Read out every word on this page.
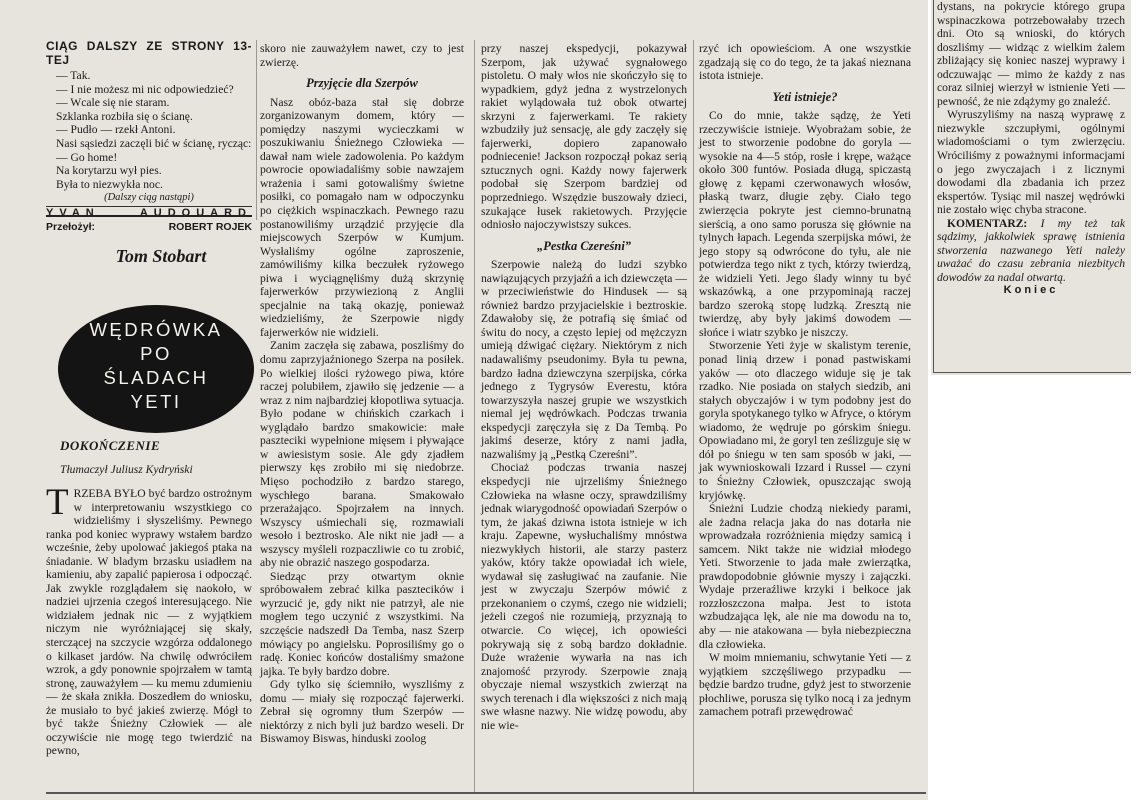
CIĄG DALSZY ZE STRONY 13-TEJ

— Tak.

— I nie możesz mi nic odpowiedzieć?

— Wcale się nie staram.

Szklanka rozbiła się o ścianę.

— Pudło — rzekł Antoni.

Nasi sąsiedzi zaczęli bić w ścianę, rycząc:

— Go home!

Na korytarzu wył pies.

Była to niezwykła noc.

(Dalszy ciąg nastąpi)
YVAN	AUDOUARD
Przełożył:	ROBERT ROJEK
Tom Stobart
WĘDRÓWKA
PO
ŚLADACH
YETI
DOKOŃCZENIE
Tłumaczył Juliusz Kydryński
T RZEBA BYŁO być bardzo ostrożnym w interpretowaniu wszystkiego co widzieliśmy i słyszeliśmy. Pewnego ranka pod koniec wyprawy wstałem bardzo wcześnie, żeby upolować jakiegoś ptaka na śniadanie. W bladym brzasku usiadłem na kamieniu, aby zapalić papierosa i odpocząć. Jak zwykle rozglądałem się naokoło, w nadziei ujrzenia czegoś interesującego. Nie widziałem jednak nic — z wyjątkiem niczym nie wyróżniającej się skały, sterczącej na szczycie wzgórza oddalonego o kilkaset jardów. Na chwilę odwróciłem wzrok, a gdy ponownie spojrzałem w tamtą stronę, zauważyłem — ku memu zdumieniu — że skała znikła. Doszedłem do wniosku, że musiało to być jakieś zwierzę. Mógł to być także Śnieżny Człowiek — ale oczywiście nie mogę tego twierdzić na pewno,

skoro nie zauważyłem nawet, czy to jest zwierzę.

Przyjęcie dla Szerpów

Nasz obóz-baza stał się dobrze zorganizowanym domem, który — pomiędzy naszymi wycieczkami w poszukiwaniu Śnieżnego Człowieka — dawał nam wiele zadowolenia. Po każdym powrocie opowiadaliśmy sobie nawzajem wrażenia i sami gotowaliśmy świetne posiłki, co pomagało nam w odpoczynku po ciężkich wspinaczkach. Pewnego razu postanowiliśmy urządzić przyjęcie dla miejscowych Szerpów w Kumjum. Wysłaliśmy ogólne zaproszenie, zamówiliśmy kilka beczułek ryżowego piwa i wyciągnęliśmy dużą skrzynię fajerwerków przywiezioną z Anglii specjalnie na taką okazję, ponieważ wiedzieliśmy, że Szerpowie nigdy fajerwerków nie widzieli.

Zanim zaczęła się zabawa, poszliśmy do domu zaprzyjaźnionego Szerpa na posiłek. Po wielkiej ilości ryżowego piwa, które raczej polubiłem, zjawiło się jedzenie — a wraz z nim najbardziej kłopotliwa sytuacja. Było podane w chińskich czarkach i wyglądało bardzo smakowicie: małe paszteciki wypełnione mięsem i pływające w awiesistym sosie. Ale gdy zjadłem pierwszy kęs zrobiło mi się niedobrze. Mięso pochodziło z bardzo starego, wyschłego barana. Smakowało przerażająco. Spojrzałem na innych. Wszyscy uśmiechali się, rozmawiali wesoło i beztrosko. Ale nikt nie jadł — a wszyscy myśleli rozpaczliwie co tu zrobić, aby nie obrazić naszego gospodarza.

Siedząc przy otwartym oknie spróbowałem zebrać kilka pasztecików i wyrzucić je, gdy nikt nie patrzył, ale nie mogłem tego uczynić z wszystkimi. Na szczęście nadszedł Da Temba, nasz Szerp mówiący po angielsku. Poprosiliśmy go o radę. Koniec końców dostaliśmy smażone jajka. Te były bardzo dobre.

Gdy tylko się ściemniło, wyszliśmy z domu — miały się rozpocząć fajerwerki. Zebrał się ogromny tłum Szerpów — niektórzy z nich byli już bardzo weseli. Dr Biswamoy Biswas, hinduski zoolog

przy naszej ekspedycji, pokazywał Szerpom, jak używać sygnałowego pistoletu. O mały włos nie skończyło się to wypadkiem, gdyż jedna z wystrzelonych rakiet wylądowała tuż obok otwartej skrzyni z fajerwerkami. Te rakiety wzbudziły już sensację, ale gdy zaczęły się fajerwerki, dopiero zapanowało podniecenie! Jackson rozpoczął pokaz serią sztucznych ogni. Każdy nowy fajerwerk podobał się Szerpom bardziej od poprzedniego. Wszędzie buszowały dzieci, szukające łusek rakietowych. Przyjęcie odniosło najoczywistszy sukces.

„Pestka Czereśni”

Szerpowie należą do ludzi szybko nawiązujących przyjaźń a ich dziewczęta — w przeciwieństwie do Hindusek — są również bardzo przyjacielskie i beztroskie. Zdawałoby się, że potrafią się śmiać od świtu do nocy, a często lepiej od mężczyzn umieją dźwigać ciężary. Niektórym z nich nadawaliśmy pseudonimy. Była tu pewna, bardzo ładna dziewczyna szerpijska, córka jednego z Tygrysów Everestu, która towarzyszyła naszej grupie we wszystkich niemal jej wędrówkach. Podczas trwania ekspedycji zaręczyła się z Da Tembą. Po jakimś deserze, który z nami jadła, nazwaliśmy ją „Pestką Czereśni”.

Chociaż podczas trwania naszej ekspedycji nie ujrzeliśmy Śnieżnego Człowieka na własne oczy, sprawdziliśmy jednak wiarygodność opowiadań Szerpów o tym, że jakaś dziwna istota istnieje w ich kraju. Zapewne, wysłuchaliśmy mnóstwa niezwykłych historii, ale starzy pasterz yaków, który także opowiadał ich wiele, wydawał się zasługiwać na zaufanie. Nie jest w zwyczaju Szerpów mówić z przekonaniem o czymś, czego nie widzieli; jeżeli czegoś nie rozumieją, przyznają to otwarcie. Co więcej, ich opowieści pokrywają się z sobą bardzo dokładnie. Duże wrażenie wywarła na nas ich znajomość przyrody. Szerpowie znają obyczaje niemal wszystkich zwierząt na swych terenach i dla większości z nich mają swe własne nazwy. Nie widzę powodu, aby nie wie-

rzyć ich opowieściom. A one wszystkie zgadzają się co do tego, że ta jakaś nieznana istota istnieje.

Yeti istnieje?

Co do mnie, także sądzę, że Yeti rzeczywiście istnieje. Wyobrażam sobie, że jest to stworzenie podobne do goryla — wysokie na 4—5 stóp, rosłe i krępe, ważące około 300 funtów. Posiada długą, spiczastą głowę z kępami czerwonawych włosów, płaską twarz, długie zęby. Ciało tego zwierzęcia pokryte jest ciemno-brunatną sierścią, a ono samo porusza się głównie na tylnych łapach. Legenda szerpijska mówi, że jego stopy są odwrócone do tyłu, ale nie potwierdza tego nikt z tych, którzy twierdzą, że widzieli Yeti. Jego ślady winny tu być wskazówką, a one przypominają raczej bardzo szeroką stopę ludzką. Zresztą nie twierdzę, aby były jakimś dowodem — słońce i wiatr szybko je niszczy.

Stworzenie Yeti żyje w skalistym terenie, ponad linią drzew i ponad pastwiskami yaków — oto dlaczego widuje się je tak rzadko. Nie posiada on stałych siedzib, ani stałych obyczajów i w tym podobny jest do goryla spotykanego tylko w Afryce, o którym wiadomo, że wędruje po górskim śniegu. Opowiadano mi, że goryl ten ześlizguje się w dół po śniegu w ten sam sposób w jaki, — jak wywnioskowali Izzard i Russel — czyni to Śnieżny Człowiek, opuszczając swoją kryjówkę.

Śnieżni Ludzie chodzą niekiedy parami, ale żadna relacja jaka do nas dotarła nie wprowadzała rozróżnienia między samicą i samcem. Nikt także nie widział młodego Yeti. Stworzenie to jada małe zwierzątka, prawdopodobnie głównie myszy i zajączki. Wydaje przeraźliwe krzyki i bełkoce jak rozzłoszczona małpa. Jest to istota wzbudzająca lęk, ale nie ma dowodu na to, aby — nie atakowana — była niebezpieczna dla człowieka.

W moim mniemaniu, schwytanie Yeti — z wyjątkiem szczęśliwego przypadku — będzie bardzo trudne, gdyż jest to stworzenie płochliwe, porusza się tylko nocą i za jednym zamachem potrafi przewędrować

dystans, na pokrycie którego grupa wspinaczkowa potrzebowałaby trzech dni. Oto są wnioski, do których doszliśmy — widząc z wielkim żalem zbliżający się koniec naszej wyprawy i odczuwając — mimo że każdy z nas coraz silniej wierzył w istnienie Yeti — pewność, że nie zdążymy go znaleźć.

Wyruszyliśmy na naszą wyprawę z niezwykle szczupłymi, ogólnymi wiadomościami o tym zwierzęciu. Wróciliśmy z poważnymi informacjami o jego zwyczajach i z licznymi dowodami dla zbadania ich przez ekspertów. Tysiąc mil naszej wędrówki nie zostało więc chyba stracone.

KOMENTARZ: I my też tak sądzimy, jakkolwiek sprawę istnienia stworzenia nazwanego Yeti należy uważać do czasu zebrania niezbitych dowodów za nadal otwartą.

Koniec
